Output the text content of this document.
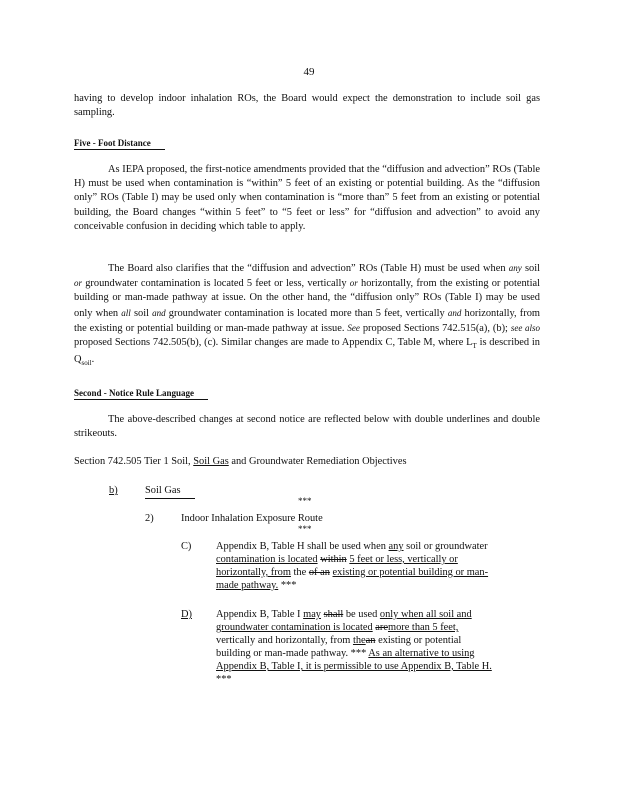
49
having to develop indoor inhalation ROs, the Board would expect the demonstration to include soil gas sampling.
Five - Foot Distance
As IEPA proposed, the first-notice amendments provided that the “diffusion and advection” ROs (Table H) must be used when contamination is “within” 5 feet of an existing or potential building. As the “diffusion only” ROs (Table I) may be used only when contamination is “more than” 5 feet from an existing or potential building, the Board changes “within 5 feet” to “5 feet or less” for “diffusion and advection” to avoid any conceivable confusion in deciding which table to apply.
The Board also clarifies that the “diffusion and advection” ROs (Table H) must be used when any soil or groundwater contamination is located 5 feet or less, vertically or horizontally, from the existing or potential building or man-made pathway at issue. On the other hand, the “diffusion only” ROs (Table I) may be used only when all soil and groundwater contamination is located more than 5 feet, vertically and horizontally, from the existing or potential building or man-made pathway at issue. See proposed Sections 742.515(a), (b); see also proposed Sections 742.505(b), (c). Similar changes are made to Appendix C, Table M, where $L_T$ is described in $Q_{soil}$.
Second - Notice Rule Language
The above-described changes at second notice are reflected below with double underlines and double strikeouts.
Section 742.505 Tier 1 Soil, Soil Gas and Groundwater Remediation Objectives
b)	Soil Gas
***
2)	Indoor Inhalation Exposure Route
***
C) Appendix B, Table H shall be used when any soil or groundwater
contamination is located within 5 feet or less, vertically or
horizontally, from the of an existing or potential building or man-
made pathway. ***
D) Appendix B, Table I may shall be used only when all soil and
groundwater contamination is located aremore than 5 feet,
vertically and horizontally, from thean existing or potential
building or man-made pathway. *** As an alternative to using
Appendix B, Table I, it is permissible to use Appendix B, Table H.
***
